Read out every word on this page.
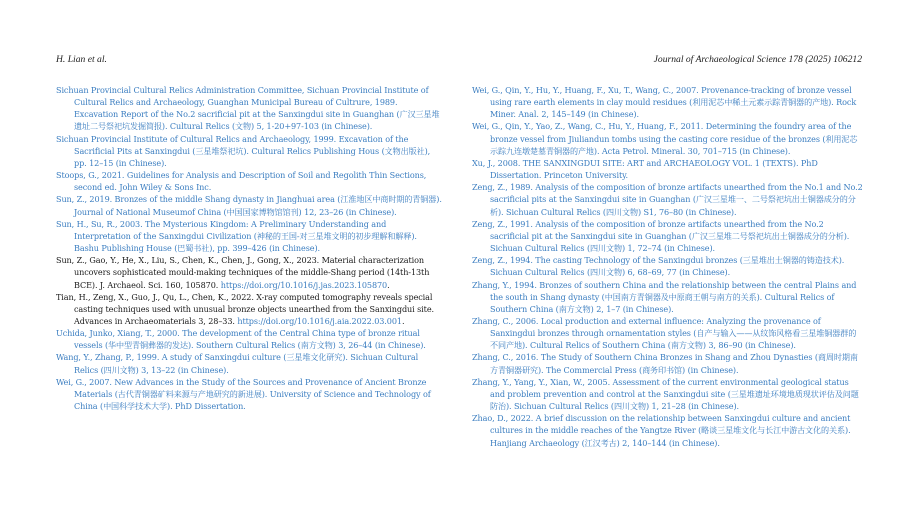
H. Lian et al.	Journal of Archaeological Science 178 (2025) 106212

Sichuan Provincial Cultural Relics Administration Committee, Sichuan Provincial Institute of Cultural Relics and Archaeology, Guanghan Municipal Bureau of Cultrure, 1989. Excavation Report of the No.2 sacrificial pit at the Sanxingdui site in Guanghan (广汉三星堆遗址二号祭祀坑发掘简报). Cultural Relics (文物) 5, 1-20+97-103 (in Chinese).

Sichuan Provincial Institute of Cultural Relics and Archaeology, 1999. Excavation of the Sacrificial Pits at Sanxingdui (三星堆祭祀坑). Cultural Relics Publishing Hous (文物出版社), pp. 12–15 (in Chinese).

Stoops, G., 2021. Guidelines for Analysis and Description of Soil and Regolith Thin Sections, second ed. John Wiley & Sons Inc.

Sun, Z., 2019. Bronzes of the middle Shang dynasty in Jianghuai area (江淮地区中商时期的青铜器). Journal of National Museumof China (中国国家博物馆馆刊) 12, 23–26 (in Chinese).

Sun, H., Su, R., 2003. The Mysterious Kingdom: A Preliminary Understanding and Interpretation of the Sanxingdui Civilization (神秘的王国-对三星堆文明的初步理解和解释). Bashu Publishing House (巴蜀书社), pp. 399–426 (in Chinese).

Sun, Z., Gao, Y., He, X., Liu, S., Chen, K., Chen, J., Gong, X., 2023. Material characterization uncovers sophisticated mould-making techniques of the middle-Shang period (14th-13th BCE). J. Archaeol. Sci. 160, 105870. https://doi.org/10.1016/j.jas.2023.105870.

Tian, H., Zeng, X., Guo, J., Qu, L., Chen, K., 2022. X-ray computed tomography reveals special casting techniques used with unusual bronze objects unearthed from the Sanxingdui site. Advances in Archaeomaterials 3, 28–33. https://doi.org/10.1016/j.aia.2022.03.001.

Uchida, Junko, Xiang, T., 2000. The development of the Central China type of bronze ritual vessels (华中型青铜彝器的发达). Southern Cultural Relics (南方文物) 3, 26–44 (in Chinese).

Wang, Y., Zhang, P., 1999. A study of Sanxingdui culture (三星堆文化研究). Sichuan Cultural Relics (四川文物) 3, 13–22 (in Chinese).

Wei, G., 2007. New Advances in the Study of the Sources and Provenance of Ancient Bronze Materials (古代青铜器矿料来源与产地研究的新进展). University of Science and Technology of China (中国科学技术大学). PhD Dissertation.

Wei, G., Qin, Y., Hu, Y., Huang, F., Xu, T., Wang, C., 2007. Provenance-tracking of bronze vessel using rare earth elements in clay mould residues (利用泥芯中稀土元素示踪青铜器的产地). Rock Miner. Anal. 2, 145–149 (in Chinese).

Wei, G., Qin, Y., Yao, Z., Wang, C., Hu, Y., Huang, F., 2011. Determining the foundry area of the bronze vessel from Jiuliandun tombs using the casting core residue of the bronzes (利用泥芯示踪九连墩楚墓青铜器的产地). Acta Petrol. Mineral. 30, 701–715 (in Chinese).

Xu, J., 2008. THE SANXINGDUI SITE: ART and ARCHAEOLOGY VOL. 1 (TEXTS). PhD Dissertation. Princeton University.

Zeng, Z., 1989. Analysis of the composition of bronze artifacts unearthed from the No.1 and No.2 sacrificial pits at the Sanxingdui site in Guanghan (广汉三星堆一、二号祭祀坑出土铜器成分的分析). Sichuan Cultural Relics (四川文物) S1, 76–80 (in Chinese).

Zeng, Z., 1991. Analysis of the composition of bronze artifacts unearthed from the No.2 sacrificial pit at the Sanxingdui site in Guanghan (广汉三星堆二号祭祀坑出土铜器成分的分析). Sichuan Cultural Relics (四川文物) 1, 72–74 (in Chinese).

Zeng, Z., 1994. The casting Technology of the Sanxingdui bronzes (三星堆出土铜器的铸造技术). Sichuan Cultural Relics (四川文物) 6, 68–69, 77 (in Chinese).

Zhang, Y., 1994. Bronzes of southern China and the relationship between the central Plains and the south in Shang dynasty (中国南方青铜器及中原商王朝与南方的关系). Cultural Relics of Southern China (南方文物) 2, 1–7 (in Chinese).

Zhang, C., 2006. Local production and external influence: Analyzing the provenance of Sanxingdui bronzes through ornamentation styles (自产与输入——从纹饰风格看三星堆铜器群的不同产地). Cultural Relics of Southern China (南方文物) 3, 86–90 (in Chinese).

Zhang, C., 2016. The Study of Southern China Bronzes in Shang and Zhou Dynasties (商周时期南方青铜器研究). The Commercial Press (商务印书馆) (in Chinese).

Zhang, Y., Yang, Y., Xian, W., 2005. Assessment of the current environmental geological status and problem prevention and control at the Sanxingdui site (三星堆遗址环境地质现状评估及问题防治). Sichuan Cultural Relics (四川文物) 1, 21–28 (in Chinese).

Zhao, D., 2022. A brief discussion on the relationship between Sanxingdui culture and ancient cultures in the middle reaches of the Yangtze River (略谈三星堆文化与长江中游古文化的关系). Hanjiang Archaeology (江汉考古) 2, 140–144 (in Chinese).
